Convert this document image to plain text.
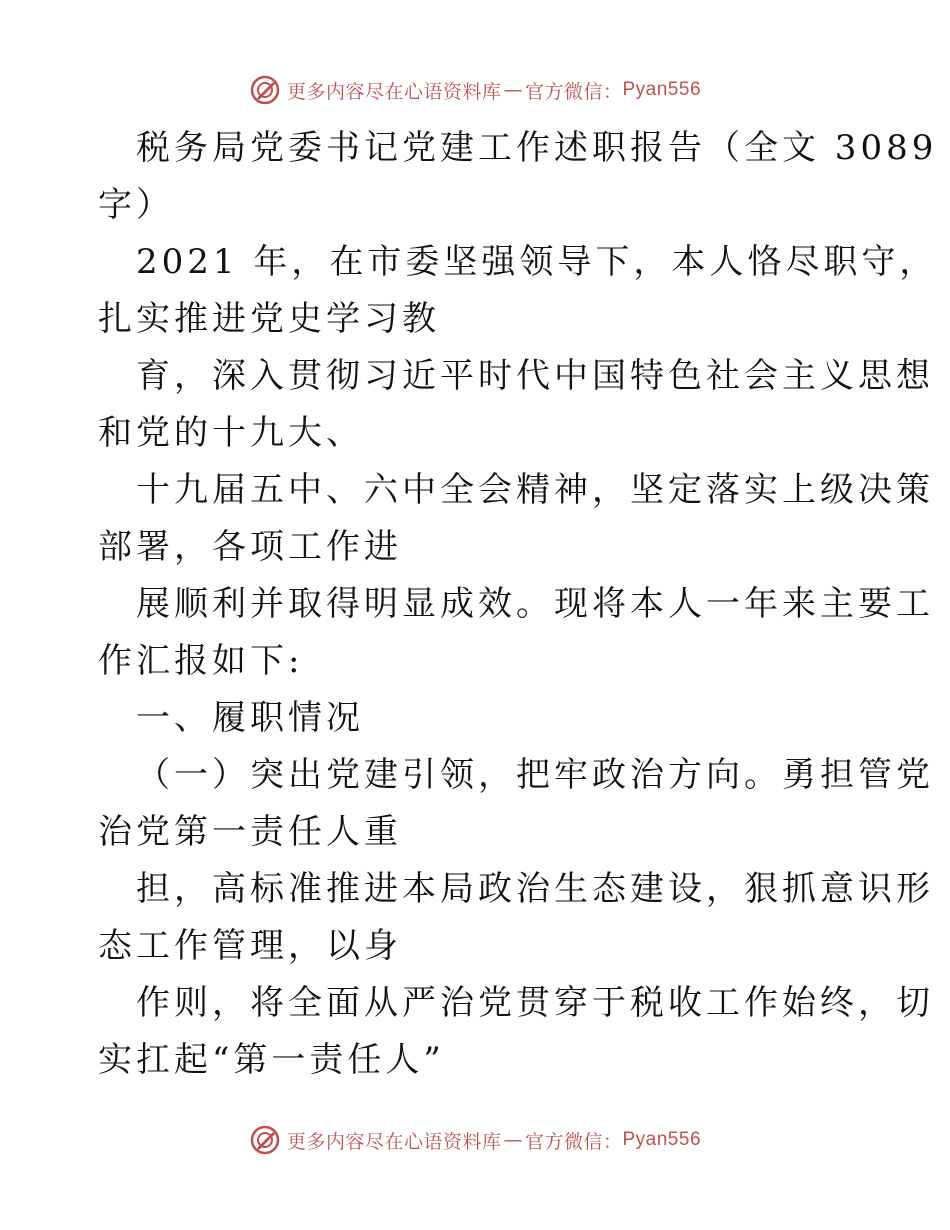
更多内容尽在心语资料库 — 官方微信： Pyan556
税务局党委书记党建工作述职报告（全文 3089
字）
2021 年，在市委坚强领导下，本人恪尽职守，
扎实推进党史学习教
育，深入贯彻习近平时代中国特色社会主义思想
和党的十九大、
十九届五中、六中全会精神，坚定落实上级决策
部署，各项工作进
展顺利并取得明显成效。现将本人一年来主要工
作汇报如下:
一、履职情况
（一）突出党建引领，把牢政治方向。勇担管党
治党第一责任人重
担，高标准推进本局政治生态建设，狠抓意识形
态工作管理，以身
作则，将全面从严治党贯穿于税收工作始终，切
实扛起“第一责任人”
更多内容尽在心语资料库 — 官方微信： Pyan556
